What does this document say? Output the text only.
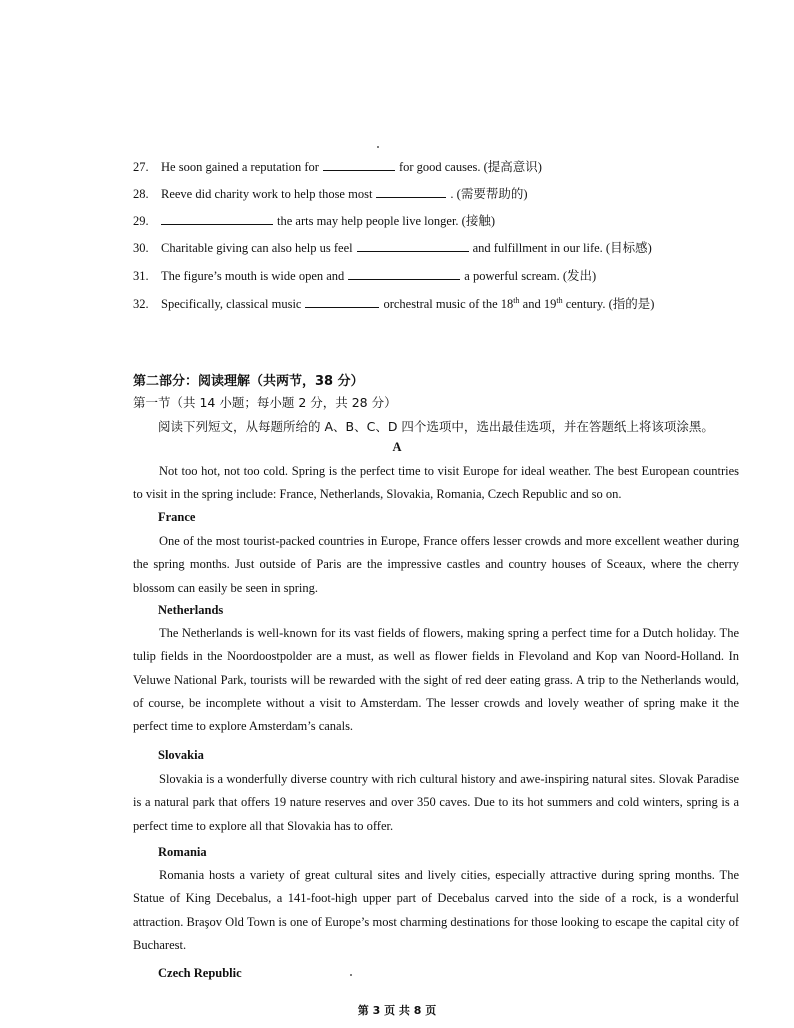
27. He soon gained a reputation for	for good causes. (提高意识)
28. Reeve did charity work to help those most	. (需要帮助的)
29.	the arts may help people live longer. (接触)
30. Charitable giving can also help us feel	and fulfillment in our life. (目标感)
31. The figure’s mouth is wide open and	a powerful scream. (发出)
32. Specifically, classical music	orchestral music of the 18th and 19th century. (指的是)
第二部分：阅读理解（共两节，38 分）
第一节（共 14 小题；每小题 2 分，共 28 分）
阅读下列短文，从每题所给的 A、B、C、D 四个选项中，选出最佳选项，并在答题纸上将该项涂黑。
A

Not too hot, not too cold. Spring is the perfect time to visit Europe for ideal weather. The best European countries to visit in the spring include: France, Netherlands, Slovakia, Romania, Czech Republic and so on.

France

One of the most tourist-packed countries in Europe, France offers lesser crowds and more excellent weather during the spring months. Just outside of Paris are the impressive castles and country houses of Sceaux, where the cherry blossom can easily be seen in spring.

Netherlands

The Netherlands is well-known for its vast fields of flowers, making spring a perfect time for a Dutch holiday. The tulip fields in the Noordoostpolder are a must, as well as flower fields in Flevoland and Kop van Noord-Holland. In Veluwe National Park, tourists will be rewarded with the sight of red deer eating grass. A trip to the Netherlands would, of course, be incomplete without a visit to Amsterdam. The lesser crowds and lovely weather of spring make it the perfect time to explore Amsterdam’s canals.

Slovakia

Slovakia is a wonderfully diverse country with rich cultural history and awe-inspiring natural sites. Slovak Paradise is a natural park that offers 19 nature reserves and over 350 caves. Due to its hot summers and cold winters, spring is a perfect time to explore all that Slovakia has to offer.

Romania

Romania hosts a variety of great cultural sites and lively cities, especially attractive during spring months. The Statue of King Decebalus, a 141-foot-high upper part of Decebalus carved into the side of a rock, is a wonderful attraction. Braşov Old Town is one of Europe’s most charming destinations for those looking to escape the capital city of Bucharest.

Czech Republic
第 3 页 共 8 页
